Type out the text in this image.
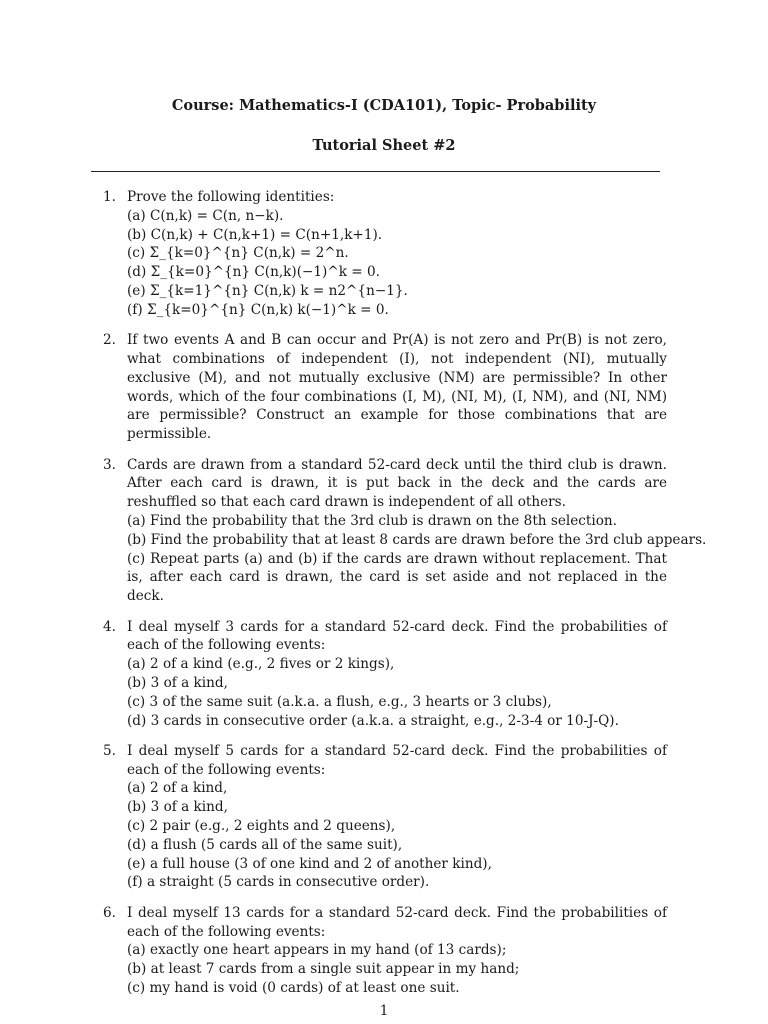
Course: Mathematics-I (CDA101), Topic- Probability
Tutorial Sheet #2
1. Prove the following identities:
(a) C(n,k) = C(n, n−k).
(b) C(n,k) + C(n,k+1) = C(n+1,k+1).
(c) Σ_{k=0}^{n} C(n,k) = 2^n.
(d) Σ_{k=0}^{n} C(n,k)(−1)^k = 0.
(e) Σ_{k=1}^{n} C(n,k) k = n2^{n−1}.
(f) Σ_{k=0}^{n} C(n,k) k(−1)^k = 0.
2. If two events A and B can occur and Pr(A) is not zero and Pr(B) is not zero, what combinations of independent (I), not independent (NI), mutually exclusive (M), and not mutually exclusive (NM) are permissible? In other words, which of the four combinations (I, M), (NI, M), (I, NM), and (NI, NM) are permissible? Construct an example for those combinations that are permissible.
3. Cards are drawn from a standard 52-card deck until the third club is drawn. After each card is drawn, it is put back in the deck and the cards are reshuffled so that each card drawn is independent of all others.
(a) Find the probability that the 3rd club is drawn on the 8th selection.
(b) Find the probability that at least 8 cards are drawn before the 3rd club appears.
(c) Repeat parts (a) and (b) if the cards are drawn without replacement. That is, after each card is drawn, the card is set aside and not replaced in the deck.
4. I deal myself 3 cards for a standard 52-card deck. Find the probabilities of each of the following events:
(a) 2 of a kind (e.g., 2 fives or 2 kings),
(b) 3 of a kind,
(c) 3 of the same suit (a.k.a. a flush, e.g., 3 hearts or 3 clubs),
(d) 3 cards in consecutive order (a.k.a. a straight, e.g., 2-3-4 or 10-J-Q).
5. I deal myself 5 cards for a standard 52-card deck. Find the probabilities of each of the following events:
(a) 2 of a kind,
(b) 3 of a kind,
(c) 2 pair (e.g., 2 eights and 2 queens),
(d) a flush (5 cards all of the same suit),
(e) a full house (3 of one kind and 2 of another kind),
(f) a straight (5 cards in consecutive order).
6. I deal myself 13 cards for a standard 52-card deck. Find the probabilities of each of the following events:
(a) exactly one heart appears in my hand (of 13 cards);
(b) at least 7 cards from a single suit appear in my hand;
(c) my hand is void (0 cards) of at least one suit.
1
